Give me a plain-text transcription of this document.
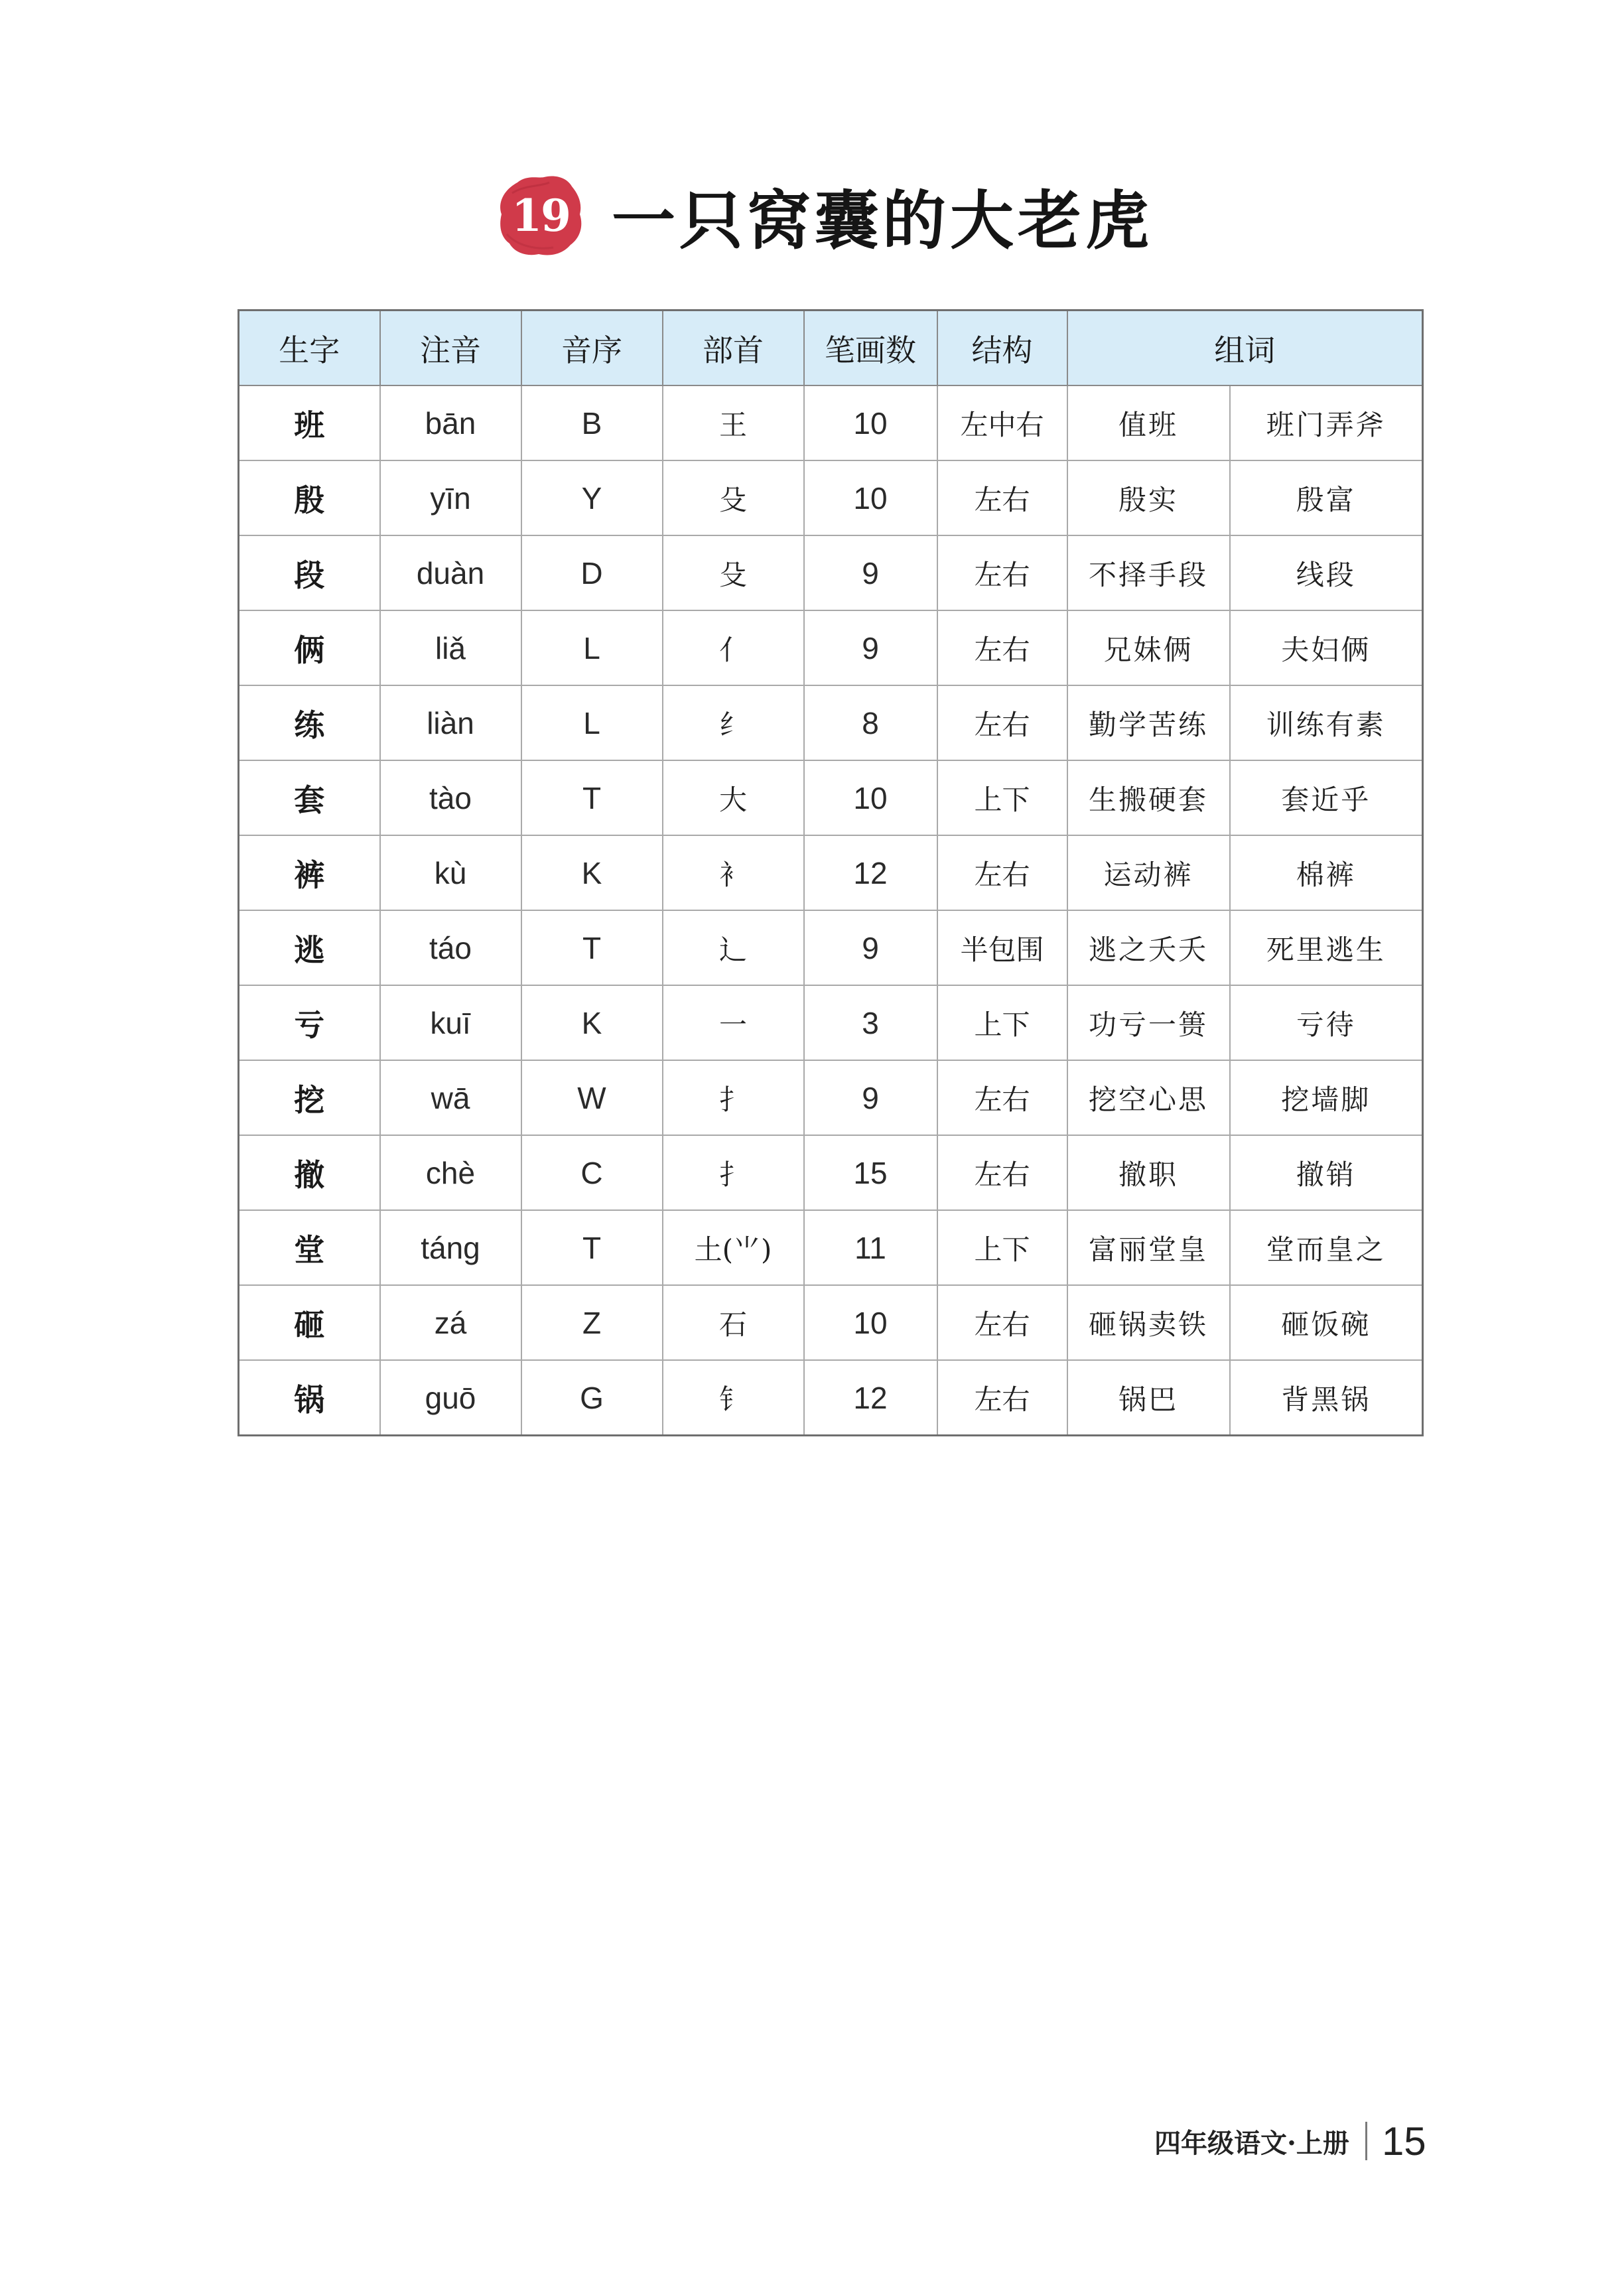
19 一只窝囊的大老虎
生字	注音	音序	部首	笔画数	结构	组词	
班	bān	B	王	10	左中右	值班	班门弄斧
殷	yīn	Y	殳	10	左右	殷实	殷富
段	duàn	D	殳	9	左右	不择手段	线段
俩	liǎ	L	亻	9	左右	兄妹俩	夫妇俩
练	liàn	L	纟	8	左右	勤学苦练	训练有素
套	tào	T	大	10	上下	生搬硬套	套近乎
裤	kù	K	衤	12	左右	运动裤	棉裤
逃	táo	T	辶	9	半包围	逃之夭夭	死里逃生
亏	kuī	K	一	3	上下	功亏一篑	亏待
挖	wā	W	扌	9	左右	挖空心思	挖墙脚
撤	chè	C	扌	15	左右	撤职	撤销
堂	táng	T	土(⺌)	11	上下	富丽堂皇	堂而皇之
砸	zá	Z	石	10	左右	砸锅卖铁	砸饭碗
锅	guō	G	钅	12	左右	锅巴	背黑锅
四年级语文·上册 15
